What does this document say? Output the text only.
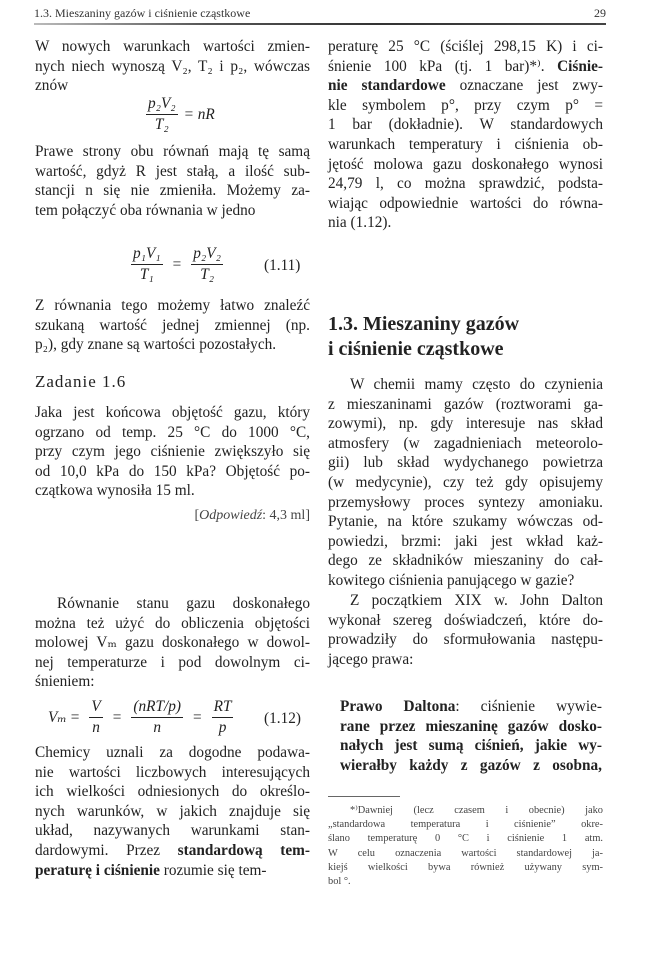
1.3. Mieszaniny gazów i ciśnienie cząstkowe	29
W nowych warunkach wartości zmien-
nych niech wynoszą V₂, T₂ i p₂, wówczas
znów
$\frac{\text{p₂V₂}}{\text{T₂}}$ = nR
Prawe strony obu równań mają tę samą
wartość, gdyż R jest stałą, a ilość sub-
stancji n się nie zmieniła. Możemy za-
tem połączyć oba równania w jedno
$\frac{\text{p₁V₁}}{\text{T₁}} = \frac{\text{p₂V₂}}{\text{T₂}}$	(1.11)
Z równania tego możemy łatwo znaleźć
szukaną wartość jednej zmiennej (np.
p₂), gdy znane są wartości pozostałych.
Zadanie 1.6
Jaka jest końcowa objętość gazu, który
ogrzano od temp. 25 °C do 1000 °C,
przy czym jego ciśnienie zwiększyło się
od 10,0 kPa do 150 kPa? Objętość po-
czątkowa wynosiła 15 ml.
[Odpowiedź: 4,3 ml]
Równanie stanu gazu doskonałego
można też użyć do obliczenia objętości
molowej Vₘ gazu doskonałego w dowol-
nej temperaturze i pod dowolnym ci-
śnieniem:
$V_m = \frac{V}{n} = \frac{\text{(nRT/p)}}{n} = \frac{RT}{p} (1.12)$
Chemicy uznali za dogodne podawa-
nie wartości liczbowych interesujących
ich wielkości odniesionych do określo-
nych warunków, w jakich znajduje się
układ, nazywanych warunkami stan-
dardowymi. Przez standardową tem-
peraturę i ciśnienie rozumie się tem-
peraturę 25 °C (ściślej 298,15 K) i ci-
śnienie 100 kPa (tj. 1 bar)*⁾. Ciśnie-
nie standardowe oznaczane jest zwy-
kle symbolem p°, przy czym p° =
1 bar (dokładnie). W standardowych
warunkach temperatury i ciśnienia ob-
jętość molowa gazu doskonałego wynosi
24,79 l, co można sprawdzić, podsta-
wiając odpowiednie wartości do równa-
nia (1.12).
1.3. Mieszaniny gazów
i ciśnienie cząstkowe
W chemii mamy często do czynienia
z mieszaninami gazów (roztworami ga-
zowymi), np. gdy interesuje nas skład
atmosfery (w zagadnieniach meteorolo-
gii) lub skład wydychanego powietrza
(w medycynie), czy też gdy opisujemy
przemysłowy proces syntezy amoniaku.
Pytanie, na które szukamy wówczas od-
powiedzi, brzmi: jaki jest wkład każ-
dego ze składników mieszaniny do cał-
kowitego ciśnienia panującego w gazie?
Z początkiem XIX w. John Dalton
wykonał szereg doświadczeń, które do-
prowadziły do sformułowania następu-
jącego prawa:
Prawo Daltona: ciśnienie wywie-
rane przez mieszaninę gazów dosko-
nałych jest sumą ciśnień, jakie wy-
wierałby każdy z gazów z osobna,
*⁾Dawniej (lecz czasem i obecnie) jako
„standardowa temperatura i ciśnienie” okre-
ślano temperaturę 0 °C i ciśnienie 1 atm.
W celu oznaczenia wartości standardowej ja-
kiejś wielkości bywa również używany sym-
bol °.
